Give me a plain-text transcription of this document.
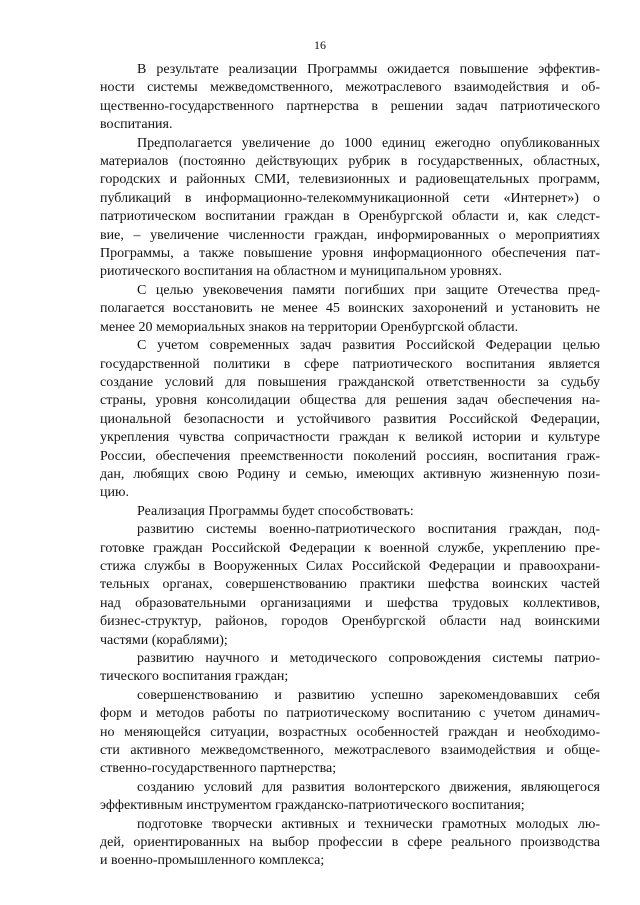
16
В результате реализации Программы ожидается повышение эффектив-
ности системы межведомственного, межотраслевого взаимодействия и об-
щественно-государственного партнерства в решении задач патриотического
воспитания.
Предполагается увеличение до 1000 единиц ежегодно опубликованных
материалов (постоянно действующих рубрик в государственных, областных,
городских и районных СМИ, телевизионных и радиовещательных программ,
публикаций в информационно-телекоммуникационной сети «Интернет») о
патриотическом воспитании граждан в Оренбургской области и, как следст-
вие, – увеличение численности граждан, информированных о мероприятиях
Программы, а также повышение уровня информационного обеспечения пат-
риотического воспитания на областном и муниципальном уровнях.
С целью увековечения памяти погибших при защите Отечества пред-
полагается восстановить не менее 45 воинских захоронений и установить не
менее 20 мемориальных знаков на территории Оренбургской области.
С учетом современных задач развития Российской Федерации целью
государственной политики в сфере патриотического воспитания является
создание условий для повышения гражданской ответственности за судьбу
страны, уровня консолидации общества для решения задач обеспечения на-
циональной безопасности и устойчивого развития Российской Федерации,
укрепления чувства сопричастности граждан к великой истории и культуре
России, обеспечения преемственности поколений россиян, воспитания граж-
дан, любящих свою Родину и семью, имеющих активную жизненную пози-
цию.
Реализация Программы будет способствовать:
развитию системы военно-патриотического воспитания граждан, под-
готовке граждан Российской Федерации к военной службе, укреплению пре-
стижа службы в Вооруженных Силах Российской Федерации и правоохрани-
тельных органах, совершенствованию практики шефства воинских частей
над образовательными организациями и шефства трудовых коллективов,
бизнес-структур, районов, городов Оренбургской области над воинскими
частями (кораблями);
развитию научного и методического сопровождения системы патрио-
тического воспитания граждан;
совершенствованию и развитию успешно зарекомендовавших себя
форм и методов работы по патриотическому воспитанию с учетом динамич-
но меняющейся ситуации, возрастных особенностей граждан и необходимо-
сти активного межведомственного, межотраслевого взаимодействия и обще-
ственно-государственного партнерства;
созданию условий для развития волонтерского движения, являющегося
эффективным инструментом гражданско-патриотического воспитания;
подготовке творчески активных и технически грамотных молодых лю-
дей, ориентированных на выбор профессии в сфере реального производства
и военно-промышленного комплекса;
